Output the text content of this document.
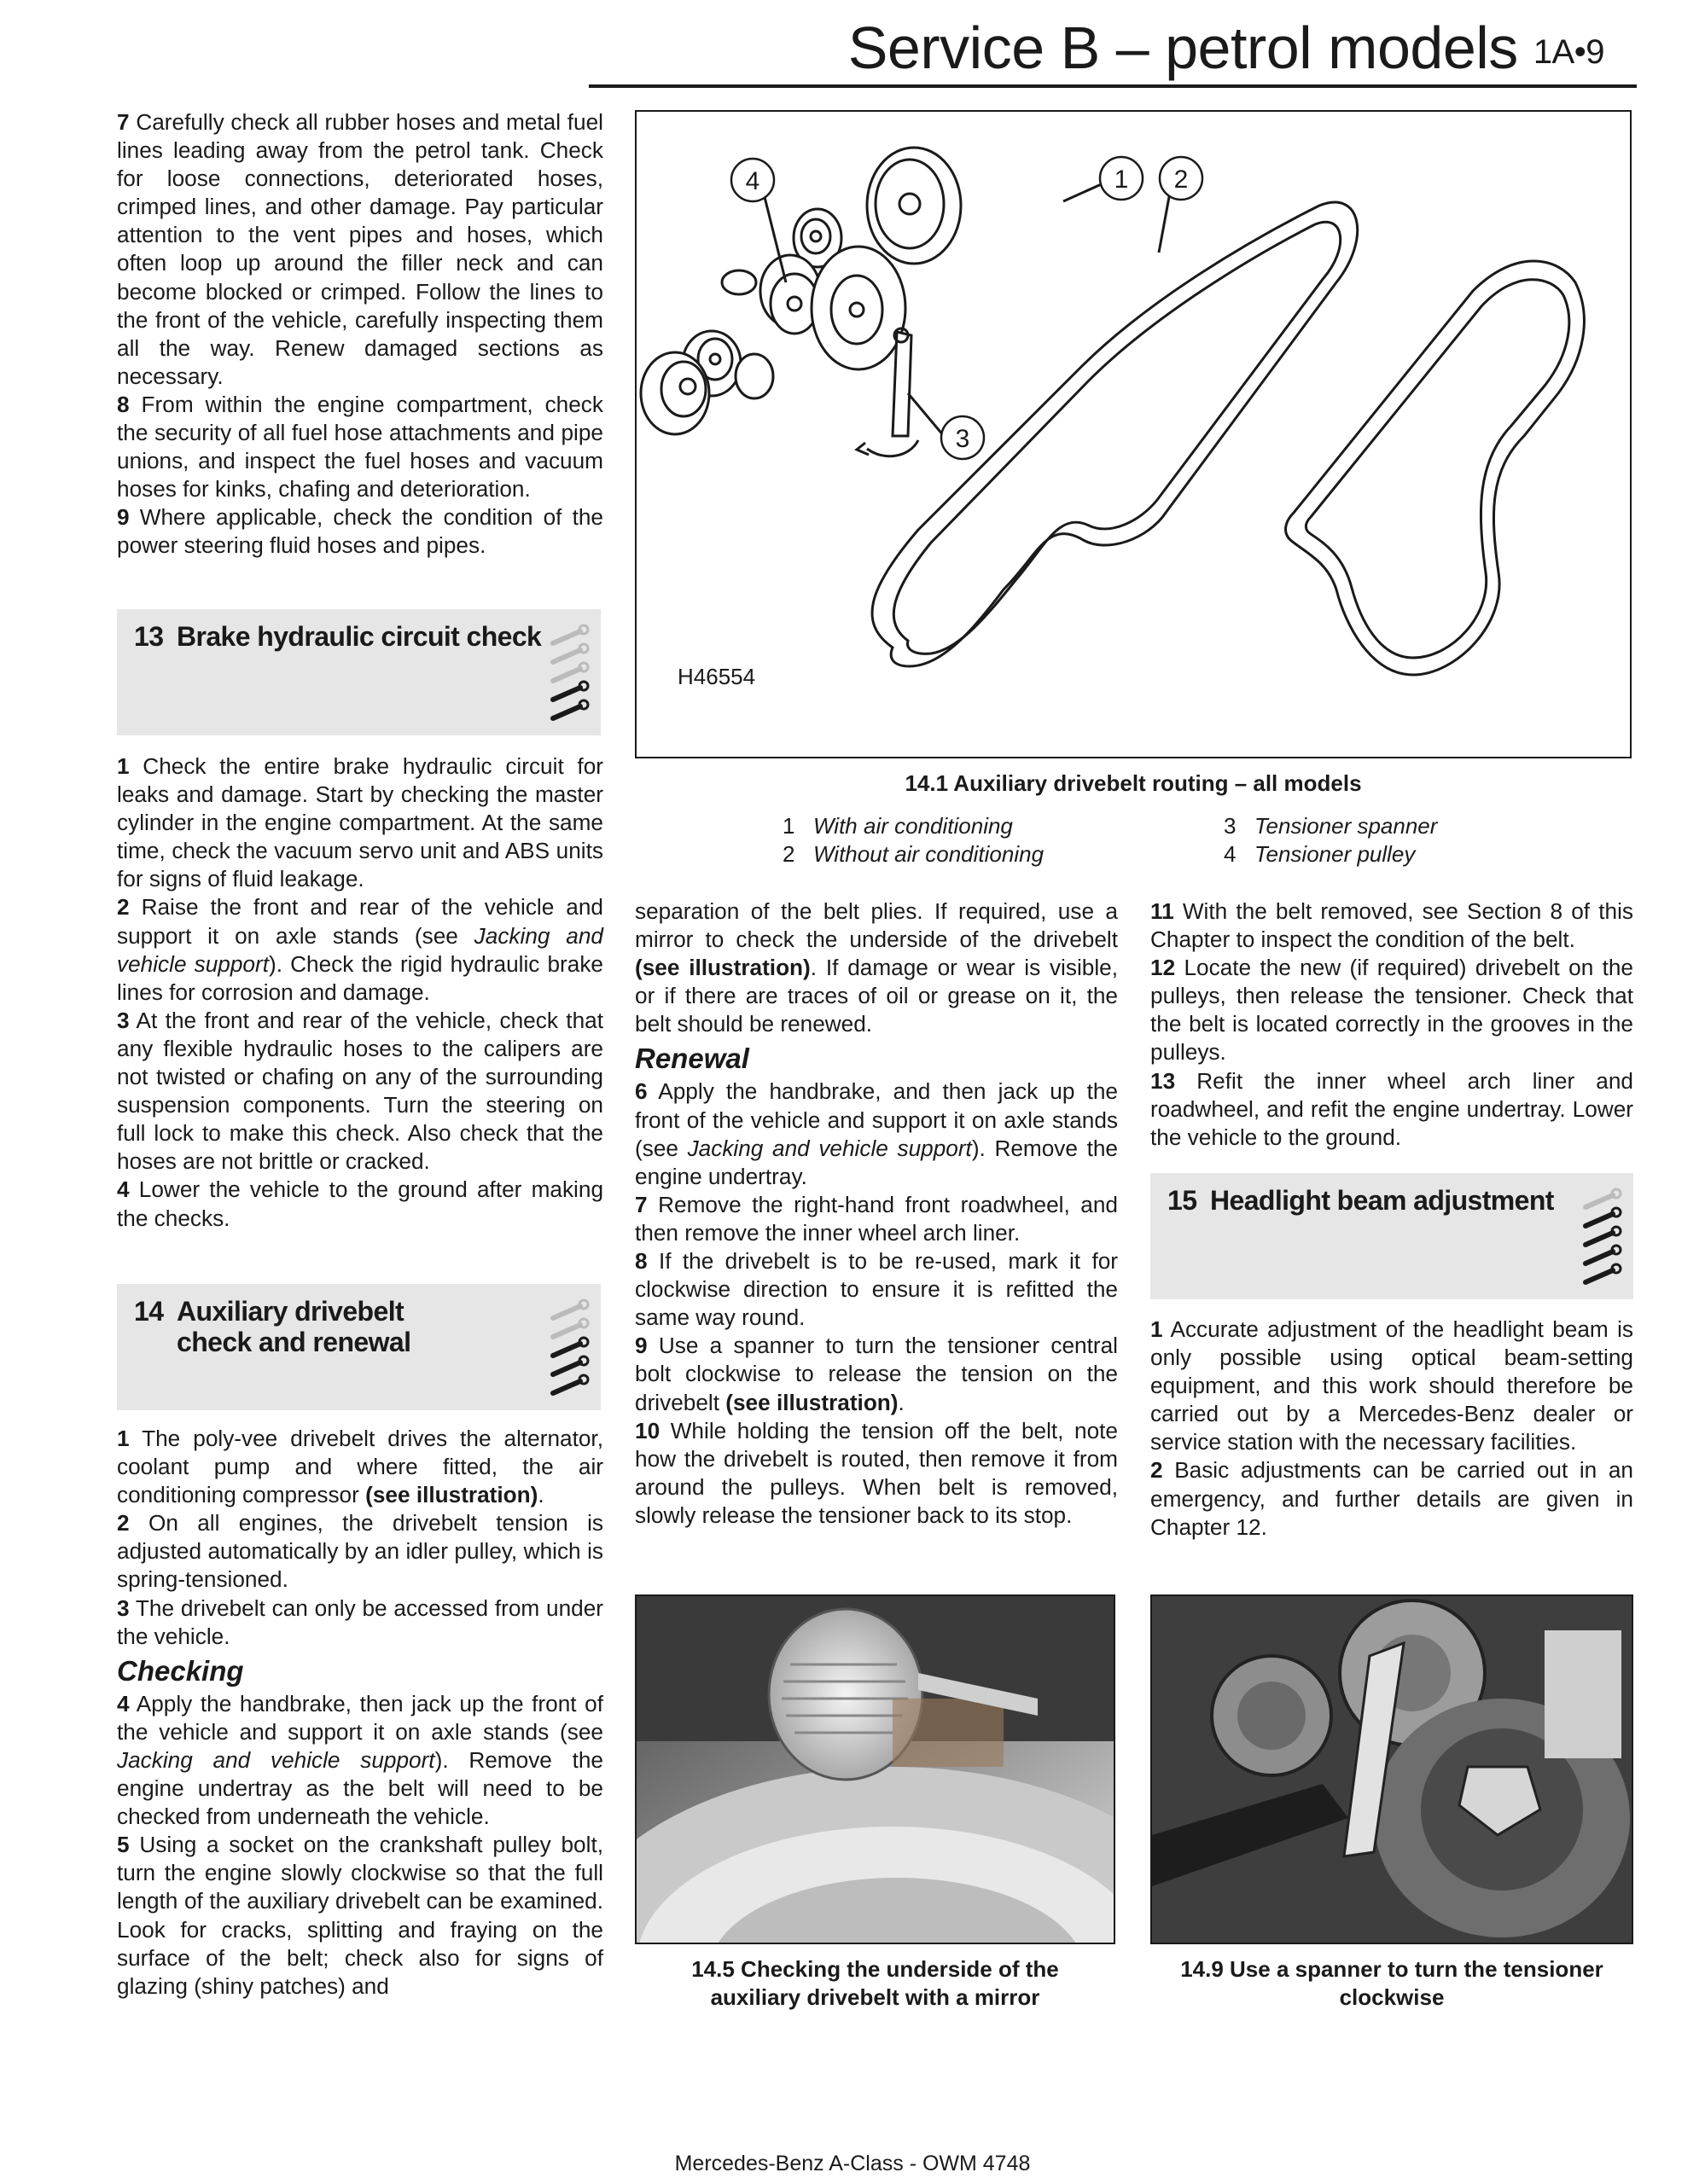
Service B – petrol models 1A•9

7 Carefully check all rubber hoses and metal fuel lines leading away from the petrol tank. Check for loose connections, deteriorated hoses, crimped lines, and other damage. Pay particular attention to the vent pipes and hoses, which often loop up around the filler neck and can become blocked or crimped. Follow the lines to the front of the vehicle, carefully inspecting them all the way. Renew damaged sections as necessary.

8 From within the engine compartment, check the security of all fuel hose attachments and pipe unions, and inspect the fuel hoses and vacuum hoses for kinks, chafing and deterioration.

9 Where applicable, check the condition of the power steering fluid hoses and pipes.

13 Brake hydraulic circuit check

1 Check the entire brake hydraulic circuit for leaks and damage. Start by checking the master cylinder in the engine compartment. At the same time, check the vacuum servo unit and ABS units for signs of fluid leakage.

2 Raise the front and rear of the vehicle and support it on axle stands (see Jacking and vehicle support). Check the rigid hydraulic brake lines for corrosion and damage.

3 At the front and rear of the vehicle, check that any flexible hydraulic hoses to the calipers are not twisted or chafing on any of the surrounding suspension components. Turn the steering on full lock to make this check. Also check that the hoses are not brittle or cracked.

4 Lower the vehicle to the ground after making the checks.

14 Auxiliary drivebelt
check and renewal

1 The poly-vee drivebelt drives the alternator, coolant pump and where fitted, the air conditioning compressor (see illustration).

2 On all engines, the drivebelt tension is adjusted automatically by an idler pulley, which is spring-tensioned.

3 The drivebelt can only be accessed from under the vehicle.

Checking

4 Apply the handbrake, then jack up the front of the vehicle and support it on axle stands (see Jacking and vehicle support). Remove the engine undertray as the belt will need to be checked from underneath the vehicle.

5 Using a socket on the crankshaft pulley bolt, turn the engine slowly clockwise so that the full length of the auxiliary drivebelt can be examined. Look for cracks, splitting and fraying on the surface of the belt; check also for signs of glazing (shiny patches) and

4	1 2
3
H46554
14.1 Auxiliary drivebelt routing – all models
1 With air conditioning
2 Without air conditioning
3 Tensioner spanner
4 Tensioner pulley

separation of the belt plies. If required, use a mirror to check the underside of the drivebelt (see illustration). If damage or wear is visible, or if there are traces of oil or grease on it, the belt should be renewed.

Renewal

6 Apply the handbrake, and then jack up the front of the vehicle and support it on axle stands (see Jacking and vehicle support). Remove the engine undertray.

7 Remove the right-hand front roadwheel, and then remove the inner wheel arch liner.

8 If the drivebelt is to be re-used, mark it for clockwise direction to ensure it is refitted the same way round.

9 Use a spanner to turn the tensioner central bolt clockwise to release the tension on the drivebelt (see illustration).

10 While holding the tension off the belt, note how the drivebelt is routed, then remove it from around the pulleys. When belt is removed, slowly release the tensioner back to its stop.

11 With the belt removed, see Section 8 of this Chapter to inspect the condition of the belt.

12 Locate the new (if required) drivebelt on the pulleys, then release the tensioner. Check that the belt is located correctly in the grooves in the pulleys.

13 Refit the inner wheel arch liner and roadwheel, and refit the engine undertray. Lower the vehicle to the ground.

15 Headlight beam adjustment

1 Accurate adjustment of the headlight beam is only possible using optical beam-setting equipment, and this work should therefore be carried out by a Mercedes-Benz dealer or service station with the necessary facilities.

2 Basic adjustments can be carried out in an emergency, and further details are given in Chapter 12.

14.5 Checking the underside of the
auxiliary drivebelt with a mirror
14.9 Use a spanner to turn the tensioner
clockwise
Mercedes-Benz A-Class - OWM 4748
